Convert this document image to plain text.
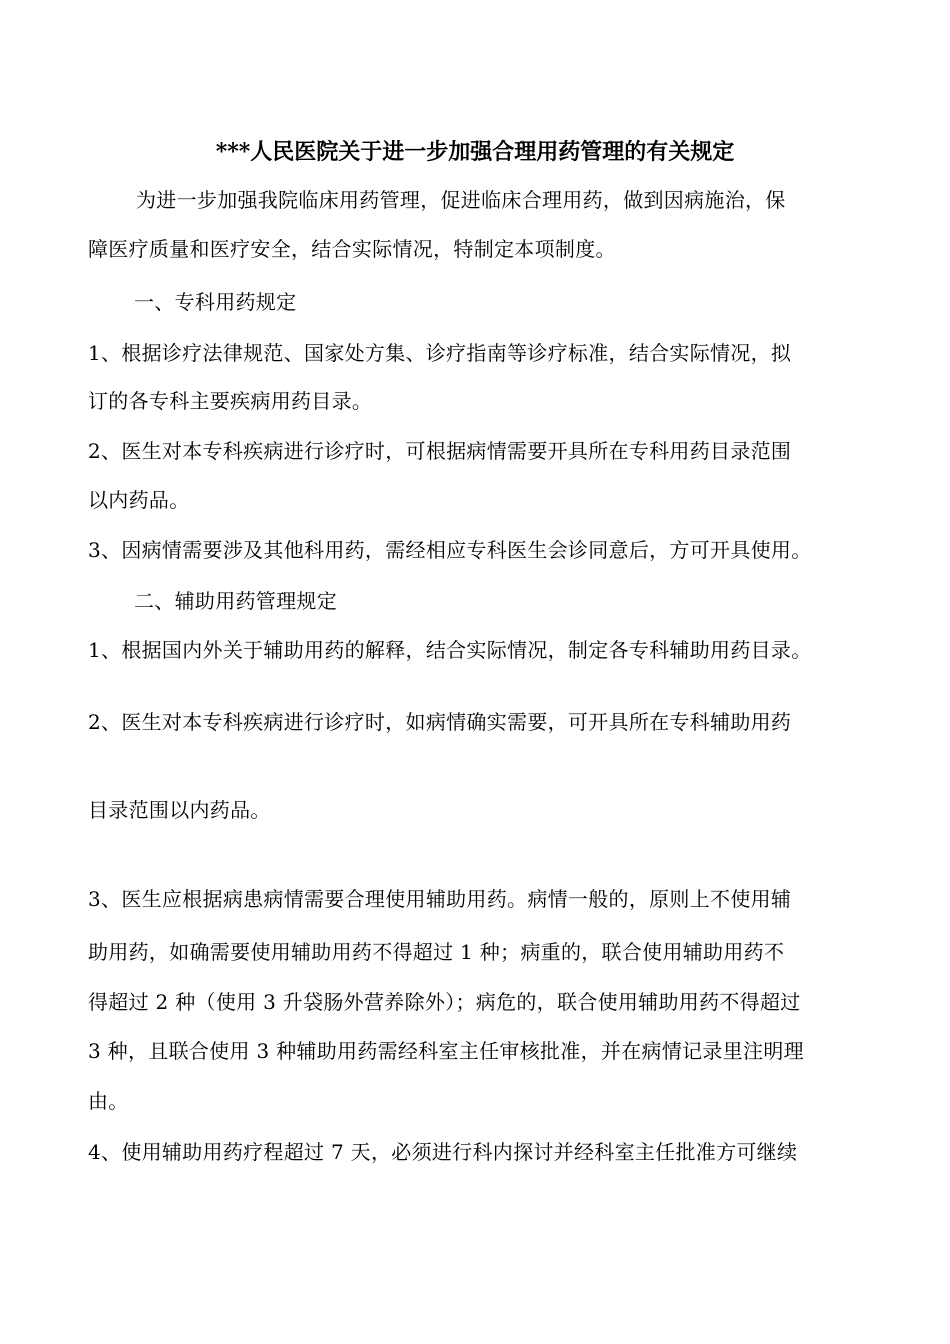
***人民医院关于进一步加强合理用药管理的有关规定
为进一步加强我院临床用药管理，促进临床合理用药，做到因病施治，保
障医疗质量和医疗安全，结合实际情况，特制定本项制度。
一、专科用药规定
1、根据诊疗法律规范、国家处方集、诊疗指南等诊疗标准，结合实际情况，拟
订的各专科主要疾病用药目录。
2、医生对本专科疾病进行诊疗时，可根据病情需要开具所在专科用药目录范围
以内药品。
3、因病情需要涉及其他科用药，需经相应专科医生会诊同意后，方可开具使用。
二、辅助用药管理规定
1、根据国内外关于辅助用药的解释，结合实际情况，制定各专科辅助用药目录。
2、医生对本专科疾病进行诊疗时，如病情确实需要，可开具所在专科辅助用药
目录范围以内药品。
3、医生应根据病患病情需要合理使用辅助用药。病情一般的，原则上不使用辅
助用药，如确需要使用辅助用药不得超过 1 种；病重的，联合使用辅助用药不
得超过 2 种（使用 3 升袋肠外营养除外）；病危的，联合使用辅助用药不得超过
3 种，且联合使用 3 种辅助用药需经科室主任审核批准，并在病情记录里注明理
由。
4、使用辅助用药疗程超过 7 天，必须进行科内探讨并经科室主任批准方可继续
